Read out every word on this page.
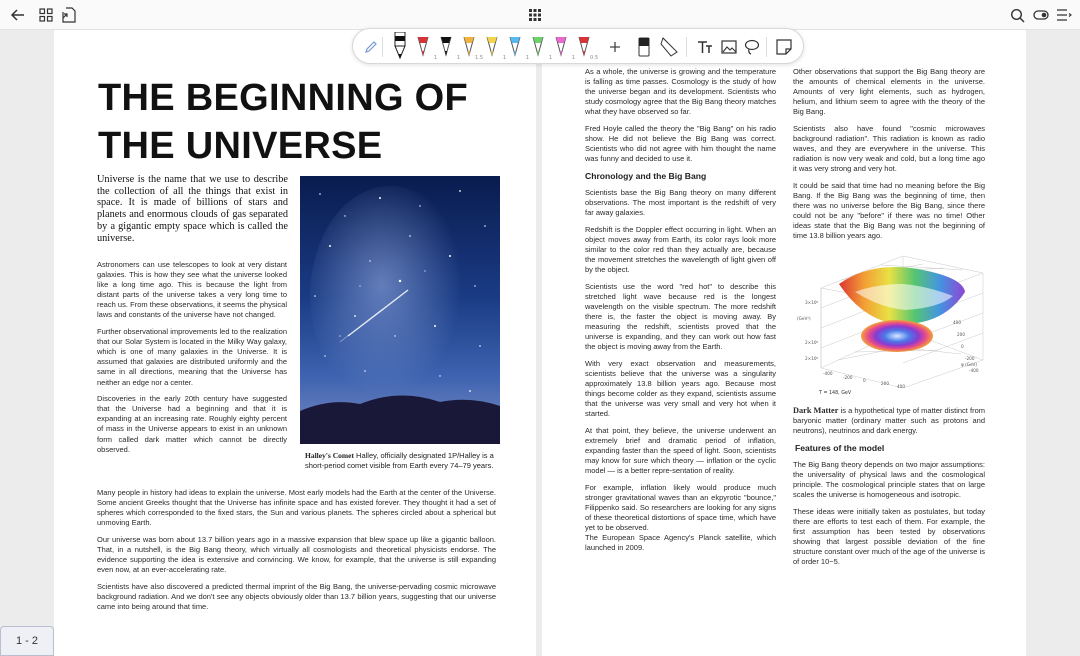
THE BEGINNING OF THE UNIVERSE
Universe is the name that we use to describe the collection of all the things that exist in space. It is made of billions of stars and planets and enormous clouds of gas separated by a gigantic empty space which is called the universe.

Astronomers can use telescopes to look at very distant galaxies. This is how they see what the universe looked like a long time ago. This is because the light from distant parts of the universe takes a very long time to reach us. From these observations, it seems the physical laws and constants of the universe have not changed.

Further observational improvements led to the realization that our Solar System is located in the Milky Way galaxy, which is one of many galaxies in the Universe. It is assumed that galaxies are distributed uniformly and the same in all directions, meaning that the Universe has neither an edge nor a center.

Discoveries in the early 20th century have suggested that the Universe had a beginning and that it is expanding at an increasing rate. Roughly eighty percent of mass in the Universe appears to exist in an unknown form called dark matter which cannot be directly observed.

Halley's Comet Halley, officially designated 1P/Halley is a short-period comet visible from Earth every 74–79 years.

Many people in history had ideas to explain the universe. Most early models had the Earth at the center of the Universe. Some ancient Greeks thought that the Universe has infinite space and has existed forever. They thought it had a set of spheres which corresponded to the fixed stars, the Sun and various planets. The spheres circled about a spherical but unmoving Earth.

Our universe was born about 13.7 billion years ago in a massive expansion that blew space up like a gigantic balloon. That, in a nutshell, is the Big Bang theory, which virtually all cosmologists and theoretical physicists endorse. The evidence supporting the idea is extensive and convincing. We know, for example, that the universe is still expanding even now, at an ever-accelerating rate.

Scientists have also discovered a predicted thermal imprint of the Big Bang, the universe-pervading cosmic microwave background radiation. And we don't see any objects obviously older than 13.7 billion years, suggesting that our universe came into being around that time.

As a whole, the universe is growing and the temperature is falling as time passes. Cosmology is the study of how the universe began and its development. Scientists who study cosmology agree that the Big Bang theory matches what they have observed so far.

Fred Hoyle called the theory the "Big Bang" on his radio show. He did not believe the Big Bang was correct. Scientists who did not agree with him thought the name was funny and decided to use it.

Chronology and the Big Bang

Scientists base the Big Bang theory on many different observations. The most important is the redshift of very far away galaxies.

Redshift is the Doppler effect occurring in light. When an object moves away from Earth, its color rays look more similar to the color red than they actually are, because the movement stretches the wavelength of light given off by the object.

Scientists use the word "red hot" to describe this stretched light wave because red is the longest wavelength on the visible spectrum. The more redshift there is, the faster the object is moving away. By measuring the redshift, scientists proved that the universe is expanding, and they can work out how fast the object is moving away from the Earth.

With very exact observation and measurements, scientists believe that the universe was a singularity approximately 13.8 billion years ago. Because most things become colder as they expand, scientists assume that the universe was very small and very hot when it started.

At that point, they believe, the universe underwent an extremely brief and dramatic period of inflation, expanding faster than the speed of light. Soon, scientists may know for sure which theory — inflation or the cyclic model — is a better repre-sentation of reality.

For example, inflation likely would produce much stronger gravitational waves than an ekpyrotic "bounce," Filippenko said. So researchers are looking for any signs of these theoretical distortions of space time, which have yet to be observed.

The European Space Agency's Planck satellite, which launched in 2009.

Other observations that support the Big Bang theory are the amounts of chemical elements in the universe. Amounts of very light elements, such as hydrogen, helium, and lithium seem to agree with the theory of the Big Bang.

Scientists also have found "cosmic microwaves background radiation". This radiation is known as radio waves, and they are everywhere in the universe. This radiation is now very weak and cold, but a long time ago it was very strong and very hot.

It could be said that time had no meaning before the Big Bang. If the Big Bang was the beginning of time, then there was no universe before the Big Bang, since there could not be any "before" if there was no time! Other ideas state that the Big Bang was not the beginning of time 13.8 billion years ago.

3×10⁸
(GeV²)
2×10⁸
2×10⁸
-400
-200
0
200
400
400
200
0
-200
-400
φ (GeV)
T = 148, GeV

Dark Matter is a hypothetical type of matter distinct from baryonic matter (ordinary matter such as protons and neutrons), neutrinos and dark energy.

Features of the model

The Big Bang theory depends on two major assumptions: the universality of physical laws and the cosmological principle. The cosmological principle states that on large scales the universe is homogeneous and isotropic.

These ideas were initially taken as postulates, but today there are efforts to test each of them. For example, the first assumption has been tested by observations showing that largest possible deviation of the fine structure constant over much of the age of the universe is of order 10−5.

1	1	1.5	1	1	1	1	0.5
1 - 2
